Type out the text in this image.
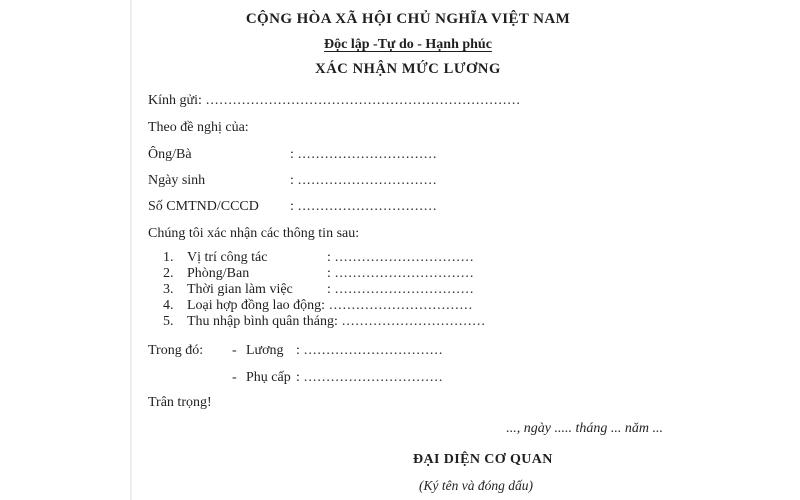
CỘNG HÒA XÃ HỘI CHỦ NGHĨA VIỆT NAM
Độc lập -Tự do - Hạnh phúc
XÁC NHẬN MỨC LƯƠNG
Kính gửi: ......................................................................
Theo đề nghị của:
Ông/Bà	: ...............................
Ngày sinh	: ...............................
Số CMTND/CCCD : ...............................
Chúng tôi xác nhận các thông tin sau:
1. Vị trí công tác	: ...............................
2. Phòng/Ban	: ...............................
3. Thời gian làm việc : ...............................
4. Loại hợp đồng lao động: ................................
5. Thu nhập bình quân tháng: ................................
Trong đó: - Lương : ...............................
- Phụ cấp : ...............................
Trân trọng!
..., ngày ..... tháng ... năm ...
ĐẠI DIỆN CƠ QUAN
(Ký tên và đóng dấu)
